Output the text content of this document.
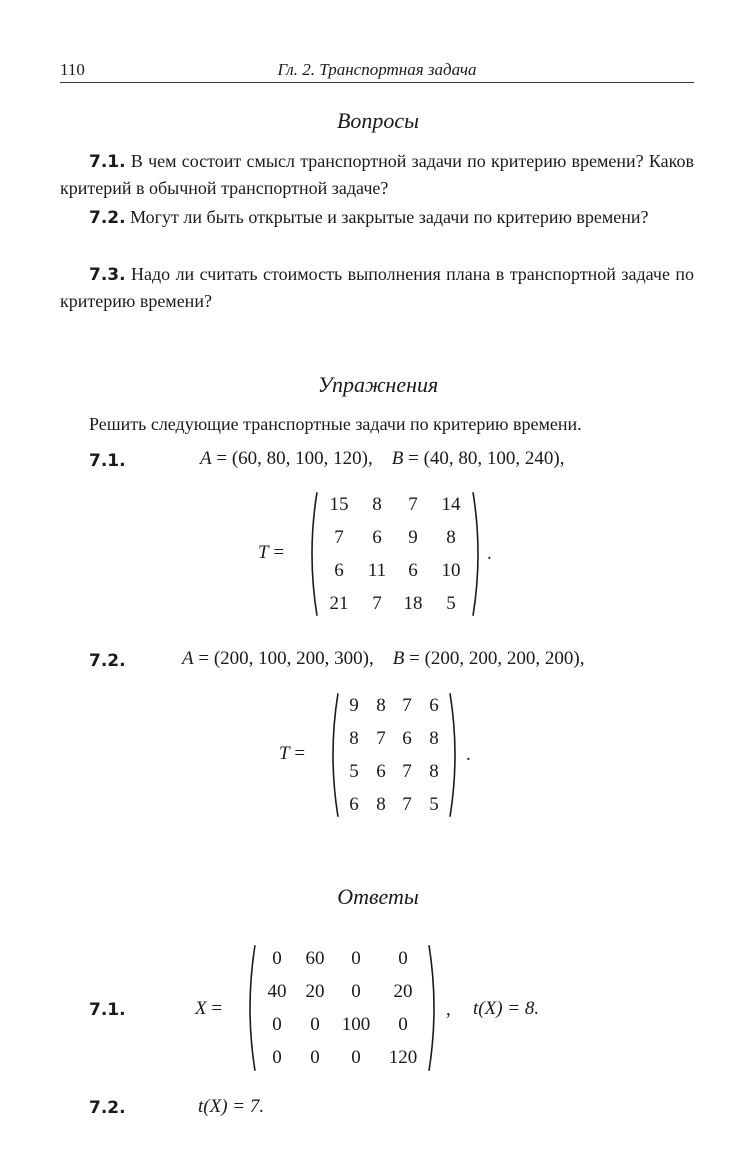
110	Гл. 2. Транспортная задача
Вопросы
7.1. В чем состоит смысл транспортной задачи по критерию времени? Каков критерий в обычной транспортной задаче?
7.2. Могут ли быть открытые и закрытые задачи по критерию времени?
7.3. Надо ли считать стоимость выполнения плана в транспортной задаче по критерию времени?
Упражнения
Решить следующие транспортные задачи по критерию времени.
7.1.	A = (60, 80, 100, 120), B = (40, 80, 100, 240),
T =
15	8	7	14
7	6	9	8
6	11	6	10
21	7	18	5
.
7.2.	A = (200, 100, 200, 300), B = (200, 200, 200, 200),
T =
9	8	7	6
8	7	6	8
5	6	7	8
6	8	7	5
.
Ответы
7.1.	X =
0	60	0	0
40	20	0	20
0	0	100	0
0	0	0	120
, t(X) = 8.
7.2.	t(X) = 7.
